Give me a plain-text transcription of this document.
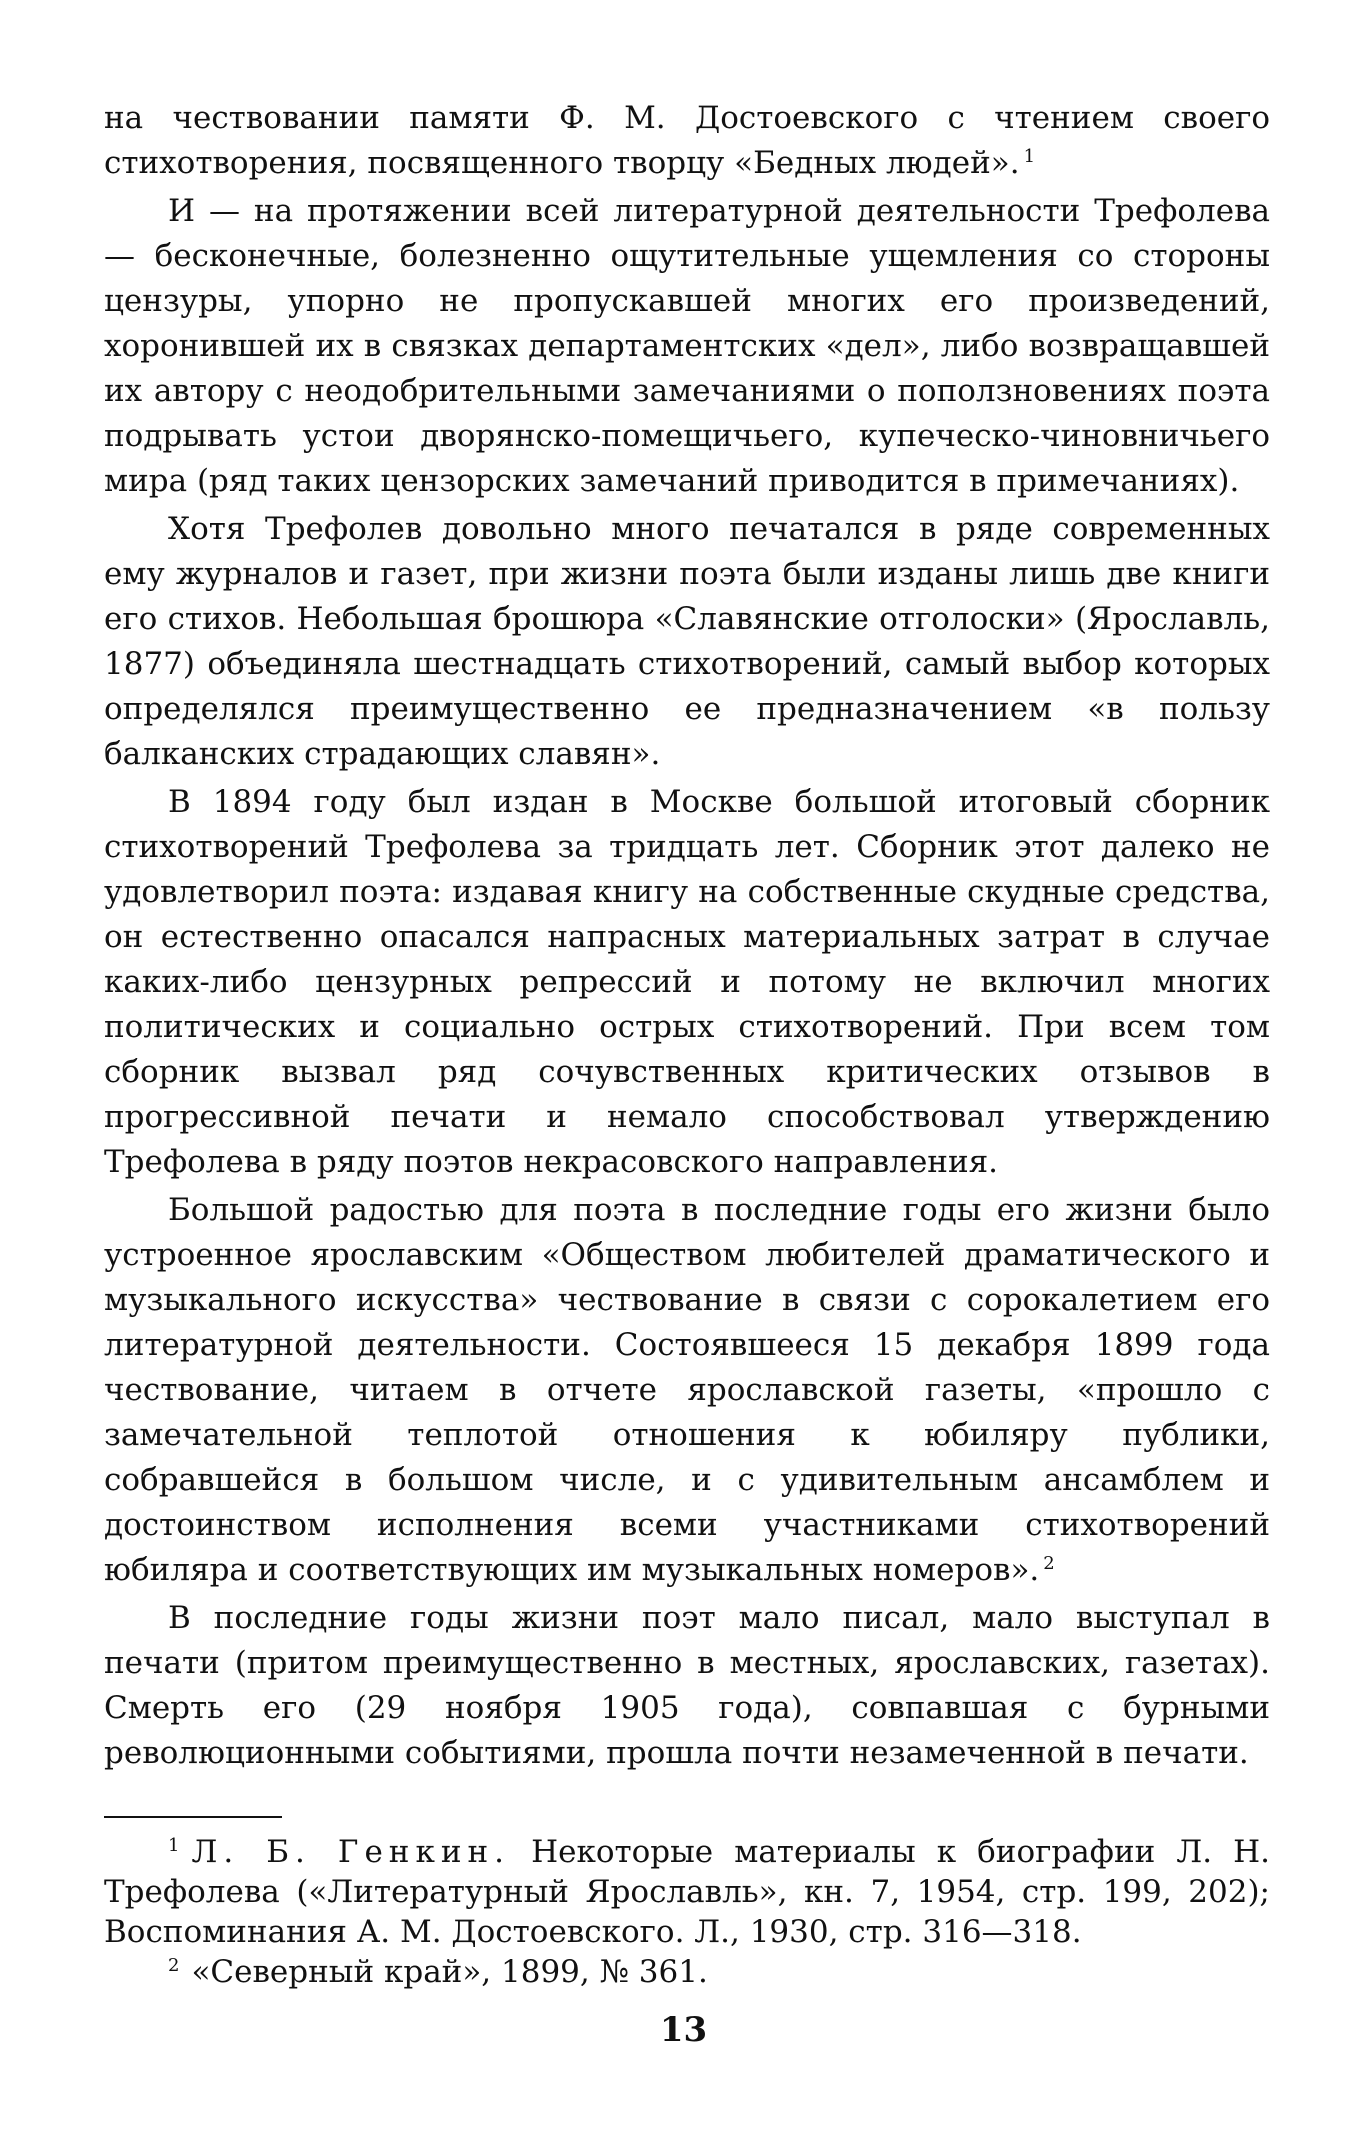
на чествовании памяти Ф. М. Достоевского с чтением своего стихотворения, посвященного творцу «Бедных людей». $^1$

И — на протяжении всей литературной деятельности Трефолева — бесконечные, болезненно ощутительные ущемления со стороны цензуры, упорно не пропускавшей многих его произведений, хоронившей их в связках департаментских «дел», либо возвращавшей их автору с неодобрительными замечаниями о поползновениях поэта подрывать устои дворянско-помещичьего, купеческо-чиновничьего мира (ряд таких цензорских замечаний приводится в примечаниях).

Хотя Трефолев довольно много печатался в ряде современных ему журналов и газет, при жизни поэта были изданы лишь две книги его стихов. Небольшая брошюра «Славянские отголоски» (Ярославль, 1877) объединяла шестнадцать стихотворений, самый выбор которых определялся преимущественно ее предназначением «в пользу балканских страдающих славян».

В 1894 году был издан в Москве большой итоговый сборник стихотворений Трефолева за тридцать лет. Сборник этот далеко не удовлетворил поэта: издавая книгу на собственные скудные средства, он естественно опасался напрасных материальных затрат в случае каких-либо цензурных репрессий и потому не включил многих политических и социально острых стихотворений. При всем том сборник вызвал ряд сочувственных критических отзывов в прогрессивной печати и немало способствовал утверждению Трефолева в ряду поэтов некрасовского направления.

Большой радостью для поэта в последние годы его жизни было устроенное ярославским «Обществом любителей драматического и музыкального искусства» чествование в связи с сорокалетием его литературной деятельности. Состоявшееся 15 декабря 1899 года чествование, читаем в отчете ярославской газеты, «прошло с замечательной теплотой отношения к юбиляру публики, собравшейся в большом числе, и с удивительным ансамблем и достоинством исполнения всеми участниками стихотворений юбиляра и соответствующих им музыкальных номеров». $^2$

В последние годы жизни поэт мало писал, мало выступал в печати (притом преимущественно в местных, ярославских, газетах). Смерть его (29 ноября 1905 года), совпавшая с бурными революционными событиями, прошла почти незамеченной в печати.

$^1$ Л. Б. Генкин. Некоторые материалы к биографии Л. Н. Трефолева («Литературный Ярославль», кн. 7, 1954, стр. 199, 202); Воспоминания А. М. Достоевского. Л., 1930, стр. 316—318.

$^2$ «Северный край», 1899, № 361.

13
